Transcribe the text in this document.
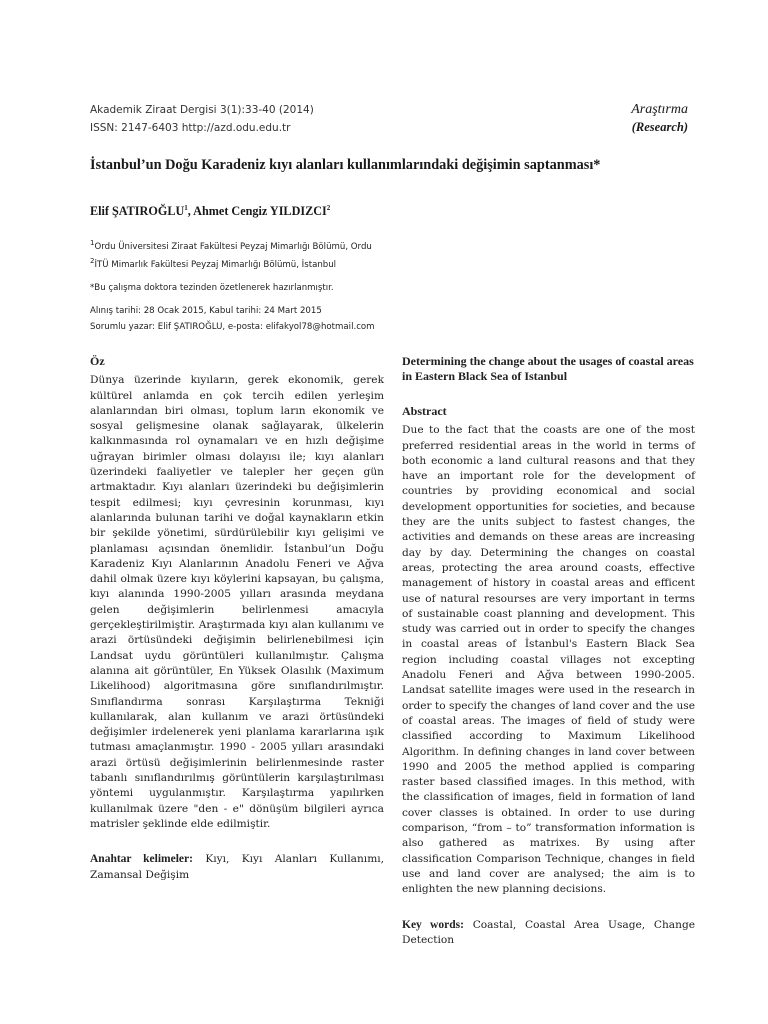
Akademik Ziraat Dergisi 3(1):33-40 (2014)
ISSN: 2147-6403 http://azd.odu.edu.tr
Araştırma
(Research)
İstanbul’un Doğu Karadeniz kıyı alanları kullanımlarındaki değişimin saptanması*
Elif ŞATIROĞLU$^1$, Ahmet Cengiz YILDIZCI$^2$
$^1$Ordu Üniversitesi Ziraat Fakültesi Peyzaj Mimarlığı Bölümü, Ordu
$^2$İTÜ Mimarlık Fakültesi Peyzaj Mimarlığı Bölümü, İstanbul
*Bu çalışma doktora tezinden özetlenerek hazırlanmıştır.
Alınış tarihi: 28 Ocak 2015, Kabul tarihi: 24 Mart 2015
Sorumlu yazar: Elif ŞATIROĞLU, e-posta: elifakyol78@hotmail.com
Öz

Dünya üzerinde kıyıların, gerek ekonomik, gerek kültürel anlamda en çok tercih edilen yerleşim alanlarından biri olması, toplum ların ekonomik ve sosyal gelişmesine olanak sağlayarak, ülkelerin kalkınmasında rol oynamaları ve en hızlı değişime uğrayan birimler olması dolayısı ile; kıyı alanları üzerindeki faaliyetler ve talepler her geçen gün artmaktadır. Kıyı alanları üzerindeki bu değişimlerin tespit edilmesi; kıyı çevresinin korunması, kıyı alanlarında bulunan tarihi ve doğal kaynakların etkin bir şekilde yönetimi, sürdürülebilir kıyı gelişimi ve planlaması açısından önemlidir. İstanbul’un Doğu Karadeniz Kıyı Alanlarının Anadolu Feneri ve Ağva dahil olmak üzere kıyı köylerini kapsayan, bu çalışma, kıyı alanında 1990-2005 yılları arasında meydana gelen değişimlerin belirlenmesi amacıyla gerçekleştirilmiştir. Araştırmada kıyı alan kullanımı ve arazi örtüsündeki değişimin belirlenebilmesi için Landsat uydu görüntüleri kullanılmıştır. Çalışma alanına ait görüntüler, En Yüksek Olasılık (Maximum Likelihood) algoritmasına göre sınıflandırılmıştır. Sınıflandırma sonrası Karşılaştırma Tekniği kullanılarak, alan kullanım ve arazi örtüsündeki değişimler irdelenerek yeni planlama kararlarına ışık tutması amaçlanmıştır. 1990 - 2005 yılları arasındaki arazi örtüsü değişimlerinin belirlenmesinde raster tabanlı sınıflandırılmış görüntülerin karşılaştırılması yöntemi uygulanmıştır. Karşılaştırma yapılırken kullanılmak üzere "den - e" dönüşüm bilgileri ayrıca matrisler şeklinde elde edilmiştir.

Anahtar kelimeler: Kıyı, Kıyı Alanları Kullanımı, Zamansal Değişim
Determining the change about the usages of coastal areas in Eastern Black Sea of Istanbul
Abstract

Due to the fact that the coasts are one of the most preferred residential areas in the world in terms of both economic a land cultural reasons and that they have an important role for the development of countries by providing economical and social development opportunities for societies, and because they are the units subject to fastest changes, the activities and demands on these areas are increasing day by day. Determining the changes on coastal areas, protecting the area around coasts, effective management of history in coastal areas and efficent use of natural resourses are very important in terms of sustainable coast planning and development. This study was carried out in order to specify the changes in coastal areas of İstanbul's Eastern Black Sea region including coastal villages not excepting Anadolu Feneri and Ağva between 1990-2005. Landsat satellite images were used in the research in order to specify the changes of land cover and the use of coastal areas. The images of field of study were classified according to Maximum Likelihood Algorithm. In defining changes in land cover between 1990 and 2005 the method applied is comparing raster based classified images. In this method, with the classification of images, field in formation of land cover classes is obtained. In order to use during comparison, “from – to” transformation information is also gathered as matrixes. By using after classification Comparison Technique, changes in field use and land cover are analysed; the aim is to enlighten the new planning decisions.

Key words: Coastal, Coastal Area Usage, Change Detection
